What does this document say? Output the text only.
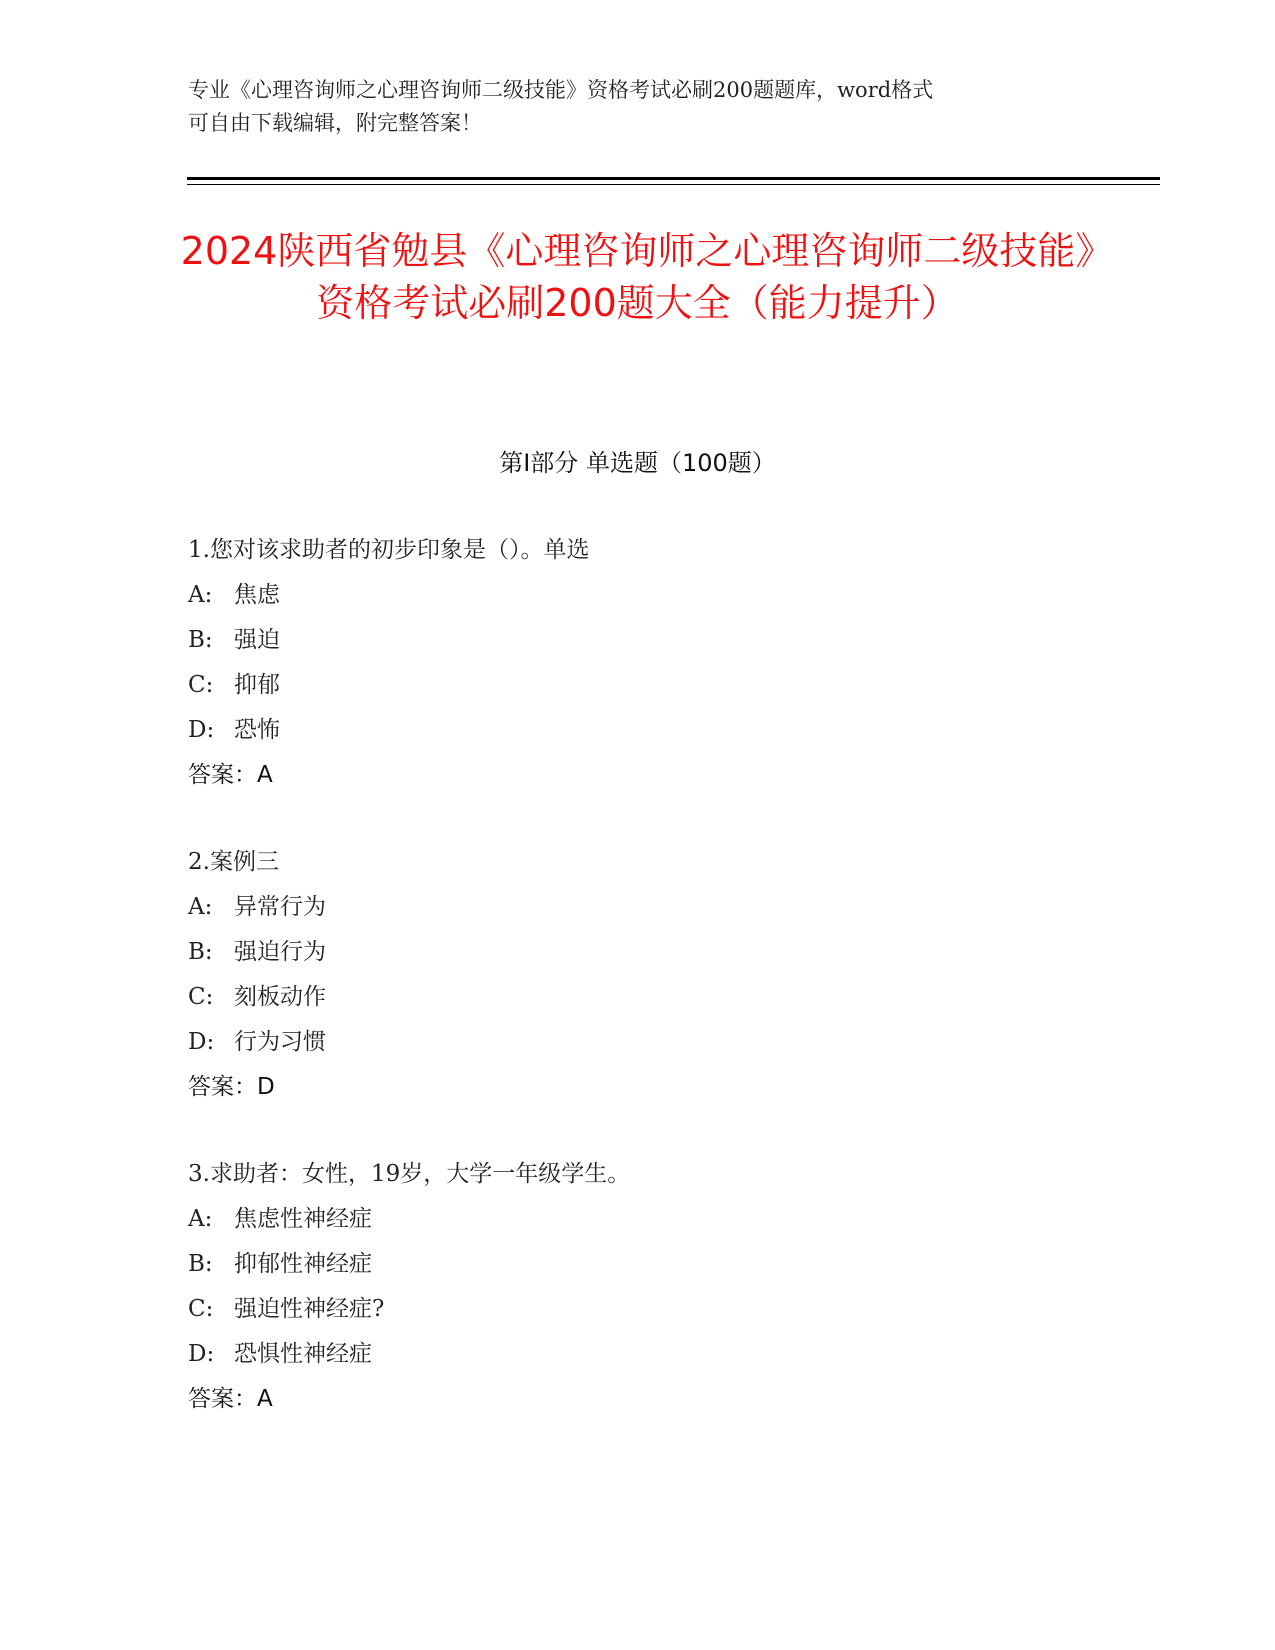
专业《心理咨询师之心理咨询师二级技能》资格考试必刷200题题库，word格式
可自由下载编辑，附完整答案！
2024陕西省勉县《心理咨询师之心理咨询师二级技能》资格考试必刷200题大全（能力提升）
第Ⅰ部分 单选题（100题）
1.您对该求助者的初步印象是（）。单选
A: 焦虑
B: 强迫
C: 抑郁
D: 恐怖
答案：A
2.案例三
A: 异常行为
B: 强迫行为
C: 刻板动作
D: 行为习惯
答案：D
3.求助者：女性，19岁，大学一年级学生。
A: 焦虑性神经症
B: 抑郁性神经症
C: 强迫性神经症?
D: 恐惧性神经症
答案：A
